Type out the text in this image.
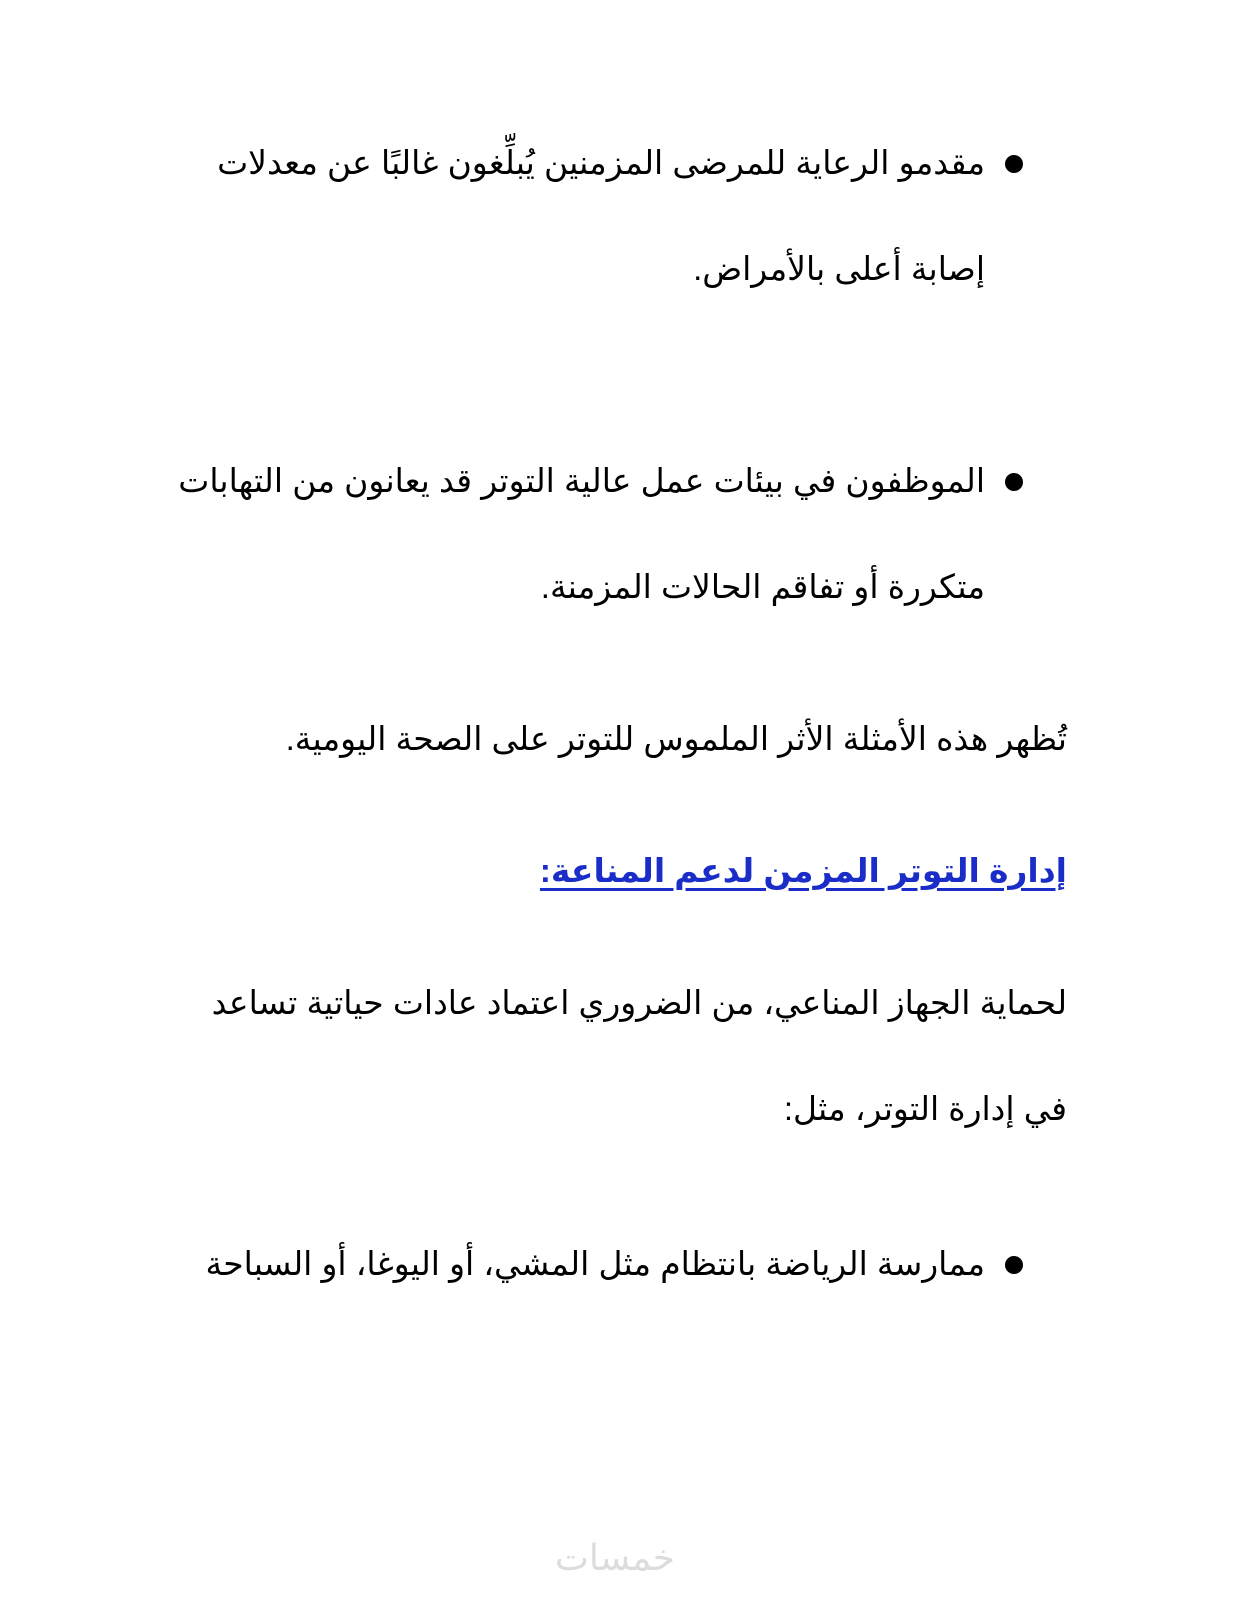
مقدمو الرعاية للمرضى المزمنين يُبلِّغون غالبًا عن معدلات
إصابة أعلى بالأمراض.
الموظفون في بيئات عمل عالية التوتر قد يعانون من التهابات
متكررة أو تفاقم الحالات المزمنة.
تُظهر هذه الأمثلة الأثر الملموس للتوتر على الصحة اليومية.
إدارة التوتر المزمن لدعم المناعة:
لحماية الجهاز المناعي، من الضروري اعتماد عادات حياتية تساعد
في إدارة التوتر، مثل:
ممارسة الرياضة بانتظام مثل المشي، أو اليوغا، أو السباحة
خمسات
